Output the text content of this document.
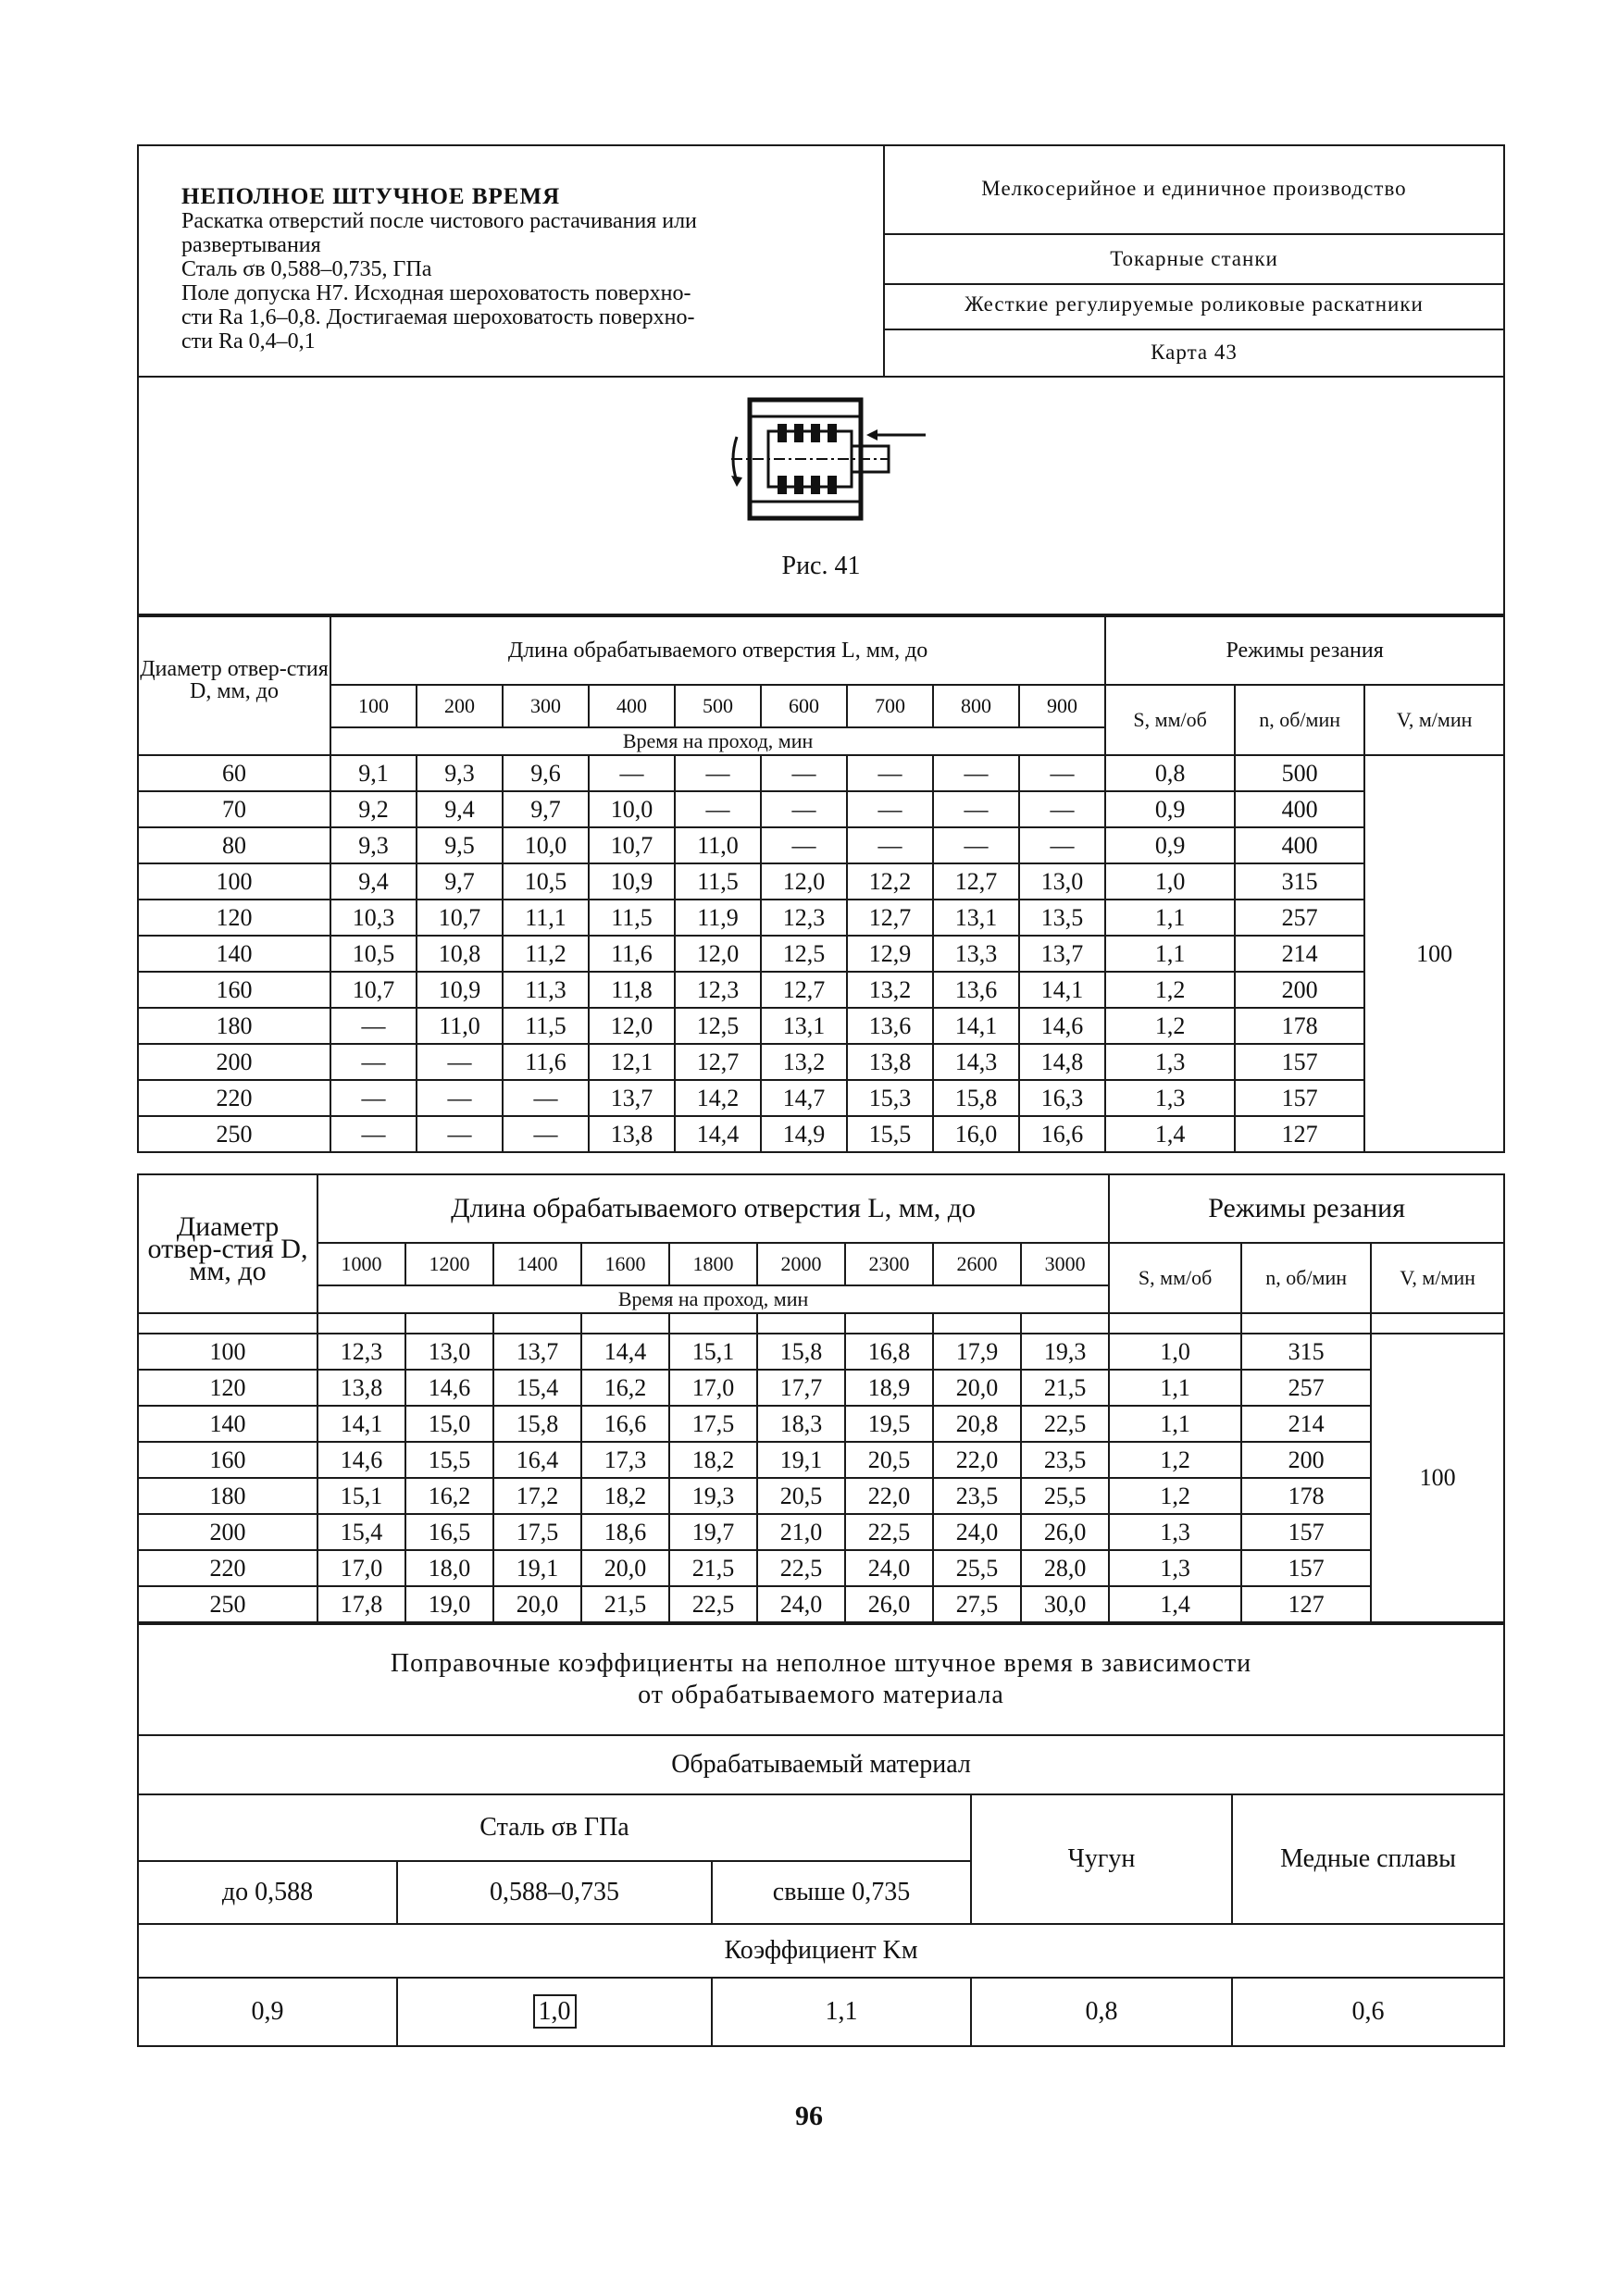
НЕПОЛНОЕ ШТУЧНОЕ ВРЕМЯ
Раскатка отверстий после чистового растачивания или
развертывания
Сталь σв 0,588–0,735, ГПа
Поле допуска H7. Исходная шероховатость поверхно-
сти Ra 1,6–0,8. Достигаемая шероховатость поверхно-
сти Ra 0,4–0,1
	Мелкосерийное и единичное производство
Токарные станки
Жесткие регулируемые роликовые раскатники
Карта 43

Рис. 41
Диаметр отвер-стия D, мм, до	Длина обрабатываемого отверстия L, мм, до									Режимы резания		
	100	200	300	400	500	600	700	800	900	S, мм/об	n, об/мин	V, м/мин
	Время на проход, мин											
60	9,1	9,3	9,6	—	—	—	—	—	—	0,8	500	100
70	9,2	9,4	9,7	10,0	—	—	—	—	—	0,9	400	
80	9,3	9,5	10,0	10,7	11,0	—	—	—	—	0,9	400	
100	9,4	9,7	10,5	10,9	11,5	12,0	12,2	12,7	13,0	1,0	315	
120	10,3	10,7	11,1	11,5	11,9	12,3	12,7	13,1	13,5	1,1	257	
140	10,5	10,8	11,2	11,6	12,0	12,5	12,9	13,3	13,7	1,1	214	
160	10,7	10,9	11,3	11,8	12,3	12,7	13,2	13,6	14,1	1,2	200	
180	—	11,0	11,5	12,0	12,5	13,1	13,6	14,1	14,6	1,2	178	
200	—	—	11,6	12,1	12,7	13,2	13,8	14,3	14,8	1,3	157	
220	—	—	—	13,7	14,2	14,7	15,3	15,8	16,3	1,3	157	
250	—	—	—	13,8	14,4	14,9	15,5	16,0	16,6	1,4	127	
Диаметр отвер-стия D, мм, до	Длина обрабатываемого отверстия L, мм, до									Режимы резания		
	1000	1200	1400	1600	1800	2000	2300	2600	3000	S, мм/об	n, об/мин	V, м/мин
	Время на проход, мин											

100	12,3	13,0	13,7	14,4	15,1	15,8	16,8	17,9	19,3	1,0	315	100
120	13,8	14,6	15,4	16,2	17,0	17,7	18,9	20,0	21,5	1,1	257	
140	14,1	15,0	15,8	16,6	17,5	18,3	19,5	20,8	22,5	1,1	214	
160	14,6	15,5	16,4	17,3	18,2	19,1	20,5	22,0	23,5	1,2	200	
180	15,1	16,2	17,2	18,2	19,3	20,5	22,0	23,5	25,5	1,2	178	
200	15,4	16,5	17,5	18,6	19,7	21,0	22,5	24,0	26,0	1,3	157	
220	17,0	18,0	19,1	20,0	21,5	22,5	24,0	25,5	28,0	1,3	157	
250	17,8	19,0	20,0	21,5	22,5	24,0	26,0	27,5	30,0	1,4	127	
Поправочные коэффициенты на неполное штучное время в зависимости
от обрабатываемого материала				

Обрабатываемый материал				
Сталь σв ГПа			Чугун	Медные сплавы
до 0,588	0,588–0,735	свыше 0,735		
Коэффициент Kм				
0,9	1,0	1,1	0,8	0,6
96
